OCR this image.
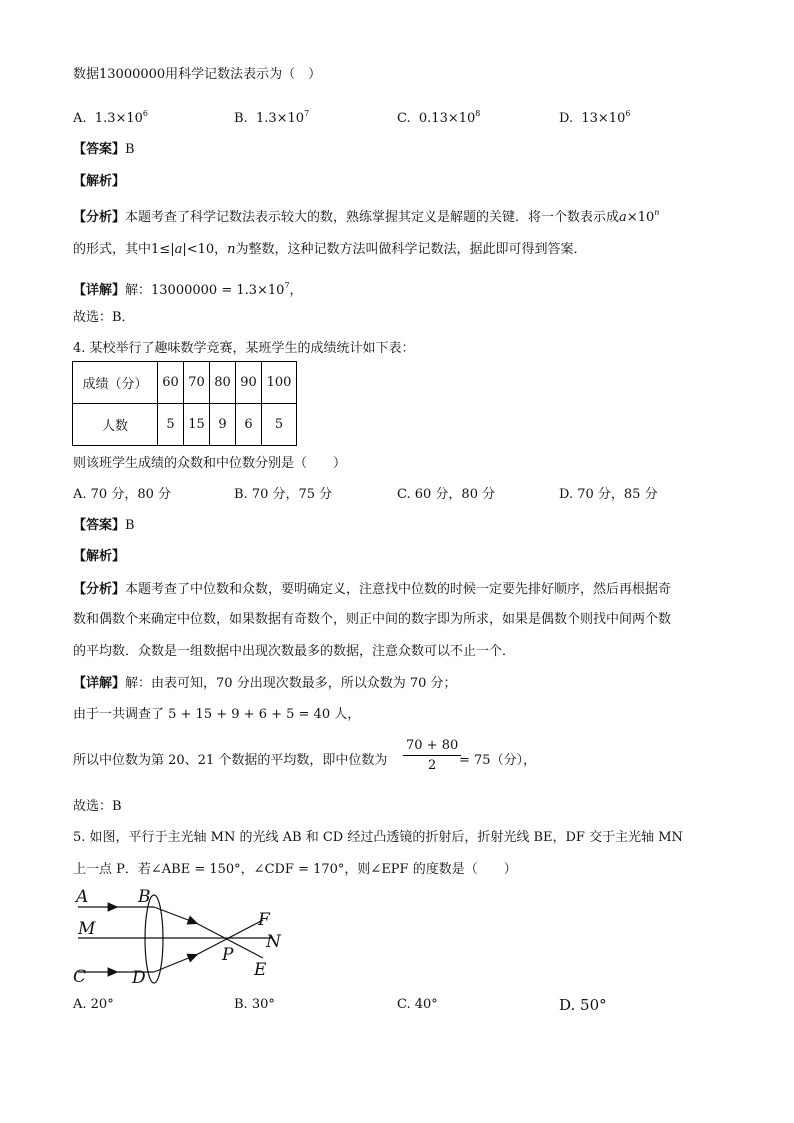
数据13000000用科学记数法表示为（　）
A. $1.3\times 10^6$	B. $1.3\times 10^7$	C. $0.13\times 10^8$	D. $13\times 10^6$
【答案】B
【解析】
【分析】本题考查了科学记数法表示较大的数，熟练掌握其定义是解题的关键．将一个数表示成$a\times 10^n$
的形式，其中1≤|a|<10，n为整数，这种记数方法叫做科学记数法，据此即可得到答案．
【详解】解：$13000000 = 1.3\times 10^7$，
故选：B．
4. 某校举行了趣味数学竞赛，某班学生的成绩统计如下表：
成绩（分）	60	70	80	90	100
人数	5	15	9	6	5
则该班学生成绩的众数和中位数分别是（　　）
A. 70 分，80 分	B. 70 分，75 分	C. 60 分，80 分	D. 70 分，85 分
【答案】B
【解析】
【分析】本题考查了中位数和众数，要明确定义，注意找中位数的时候一定要先排好顺序，然后再根据奇
数和偶数个来确定中位数，如果数据有奇数个，则正中间的数字即为所求，如果是偶数个则找中间两个数
的平均数．众数是一组数据中出现次数最多的数据，注意众数可以不止一个．
【详解】解：由表可知，70 分出现次数最多，所以众数为 70 分；
由于一共调查了 5 + 15 + 9 + 6 + 5 = 40 人，
所以中位数为第 20、21 个数据的平均数，即中位数为 $\frac{70 + 80}{2}$
= 75（分），
故选：B
5. 如图，平行于主光轴 MN 的光线 AB 和 CD 经过凸透镜的折射后，折射光线 BE，DF 交于主光轴 MN
上一点 P．若∠ABE = 150°，∠CDF = 170°，则∠EPF 的度数是（　　）
A	B
M
C	D
F
N
P
E
A. 20°	B. 30°	C. 40°	D. 50°
